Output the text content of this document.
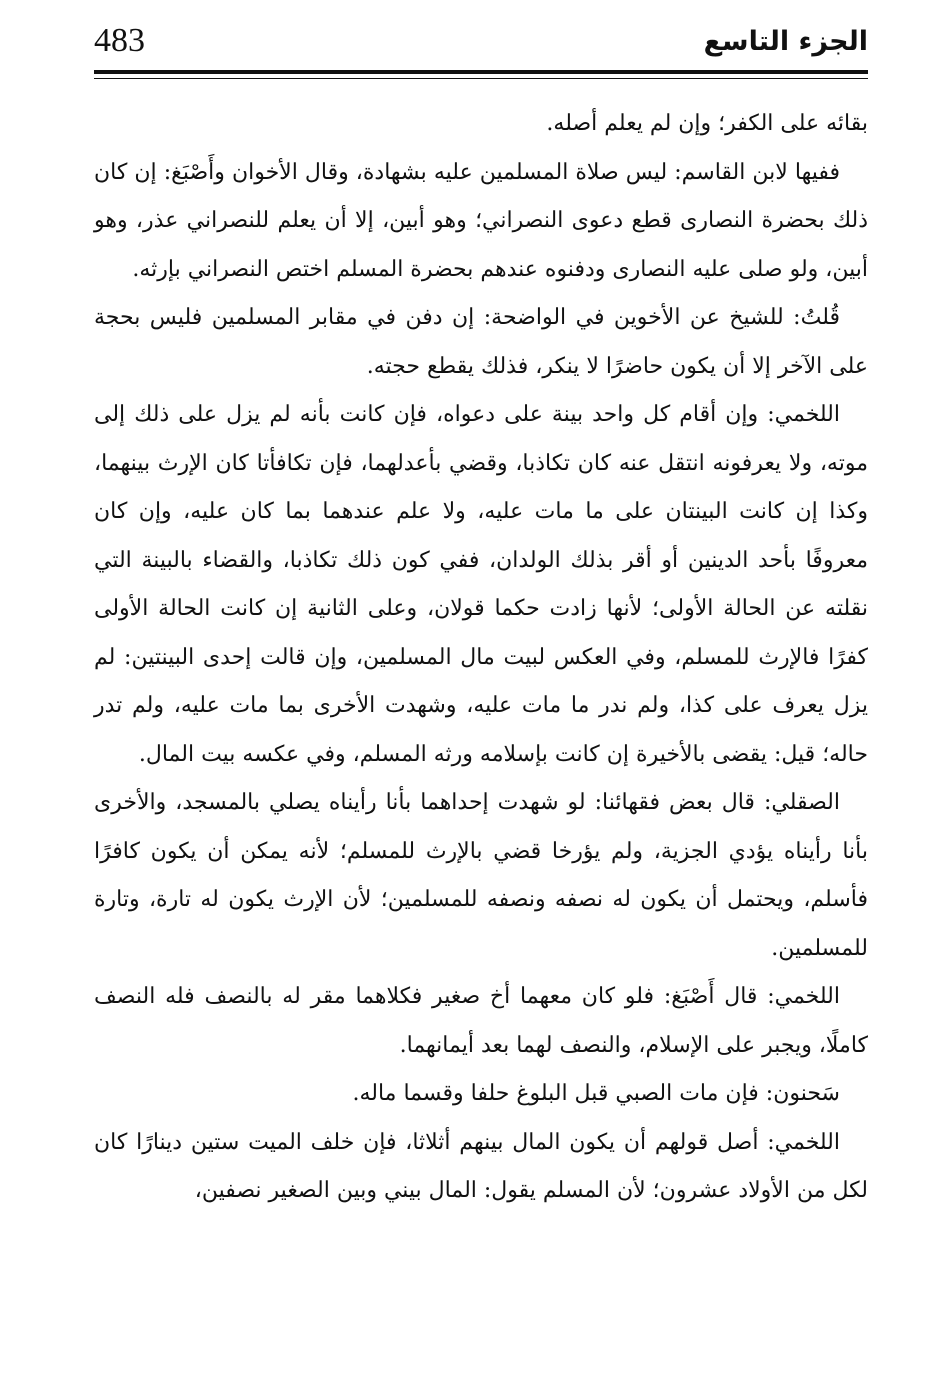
483	الجزء التاسع

بقائه على الكفر؛ وإن لم يعلم أصله.

ففيها لابن القاسم: ليس صلاة المسلمين عليه بشهادة، وقال الأخوان وأَصْبَغ: إن كان ذلك بحضرة النصارى قطع دعوى النصراني؛ وهو أبين، إلا أن يعلم للنصراني عذر، وهو أبين، ولو صلى عليه النصارى ودفنوه عندهم بحضرة المسلم اختص النصراني بإرثه.

قُلتُ: للشيخ عن الأخوين في الواضحة: إن دفن في مقابر المسلمين فليس بحجة على الآخر إلا أن يكون حاضرًا لا ينكر، فذلك يقطع حجته.

اللخمي: وإن أقام كل واحد بينة على دعواه، فإن كانت بأنه لم يزل على ذلك إلى موته، ولا يعرفونه انتقل عنه كان تكاذبا، وقضي بأعدلهما، فإن تكافأتا كان الإرث بينهما، وكذا إن كانت البينتان على ما مات عليه، ولا علم عندهما بما كان عليه، وإن كان معروفًا بأحد الدينين أو أقر بذلك الولدان، ففي كون ذلك تكاذبا، والقضاء بالبينة التي نقلته عن الحالة الأولى؛ لأنها زادت حكما قولان، وعلى الثانية إن كانت الحالة الأولى كفرًا فالإرث للمسلم، وفي العكس لبيت مال المسلمين، وإن قالت إحدى البينتين: لم يزل يعرف على كذا، ولم ندر ما مات عليه، وشهدت الأخرى بما مات عليه، ولم تدر حاله؛ قيل: يقضى بالأخيرة إن كانت بإسلامه ورثه المسلم، وفي عكسه بيت المال.

الصقلي: قال بعض فقهائنا: لو شهدت إحداهما بأنا رأيناه يصلي بالمسجد، والأخرى بأنا رأيناه يؤدي الجزية، ولم يؤرخا قضي بالإرث للمسلم؛ لأنه يمكن أن يكون كافرًا فأسلم، ويحتمل أن يكون له نصفه ونصفه للمسلمين؛ لأن الإرث يكون له تارة، وتارة للمسلمين.

اللخمي: قال أَصْبَغ: فلو كان معهما أخ صغير فكلاهما مقر له بالنصف فله النصف كاملًا، ويجبر على الإسلام، والنصف لهما بعد أيمانهما.

سَحنون: فإن مات الصبي قبل البلوغ حلفا وقسما ماله.

اللخمي: أصل قولهم أن يكون المال بينهم أثلاثا، فإن خلف الميت ستين دينارًا كان لكل من الأولاد عشرون؛ لأن المسلم يقول: المال بيني وبين الصغير نصفين،
